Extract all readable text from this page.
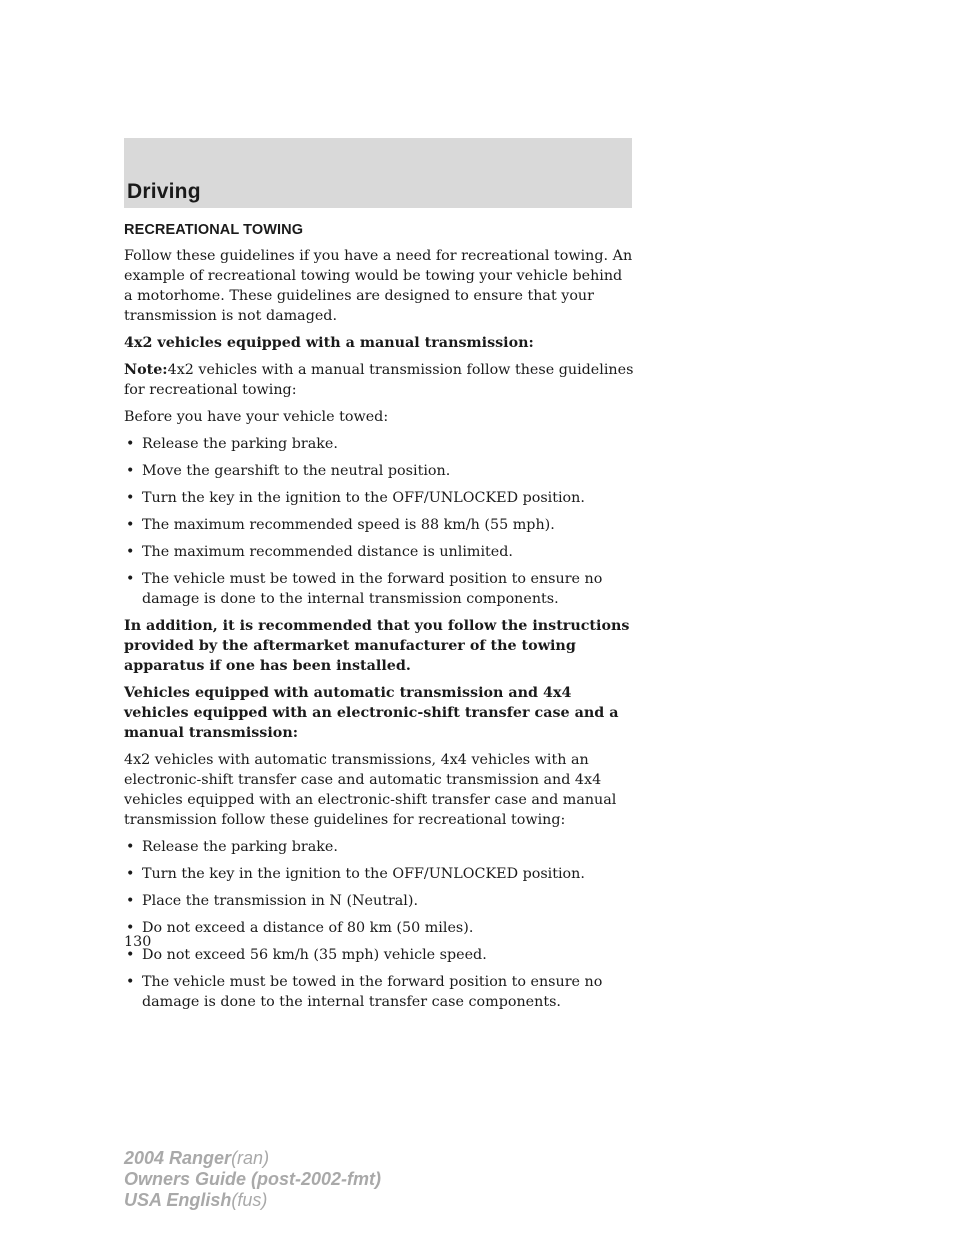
Driving
RECREATIONAL TOWING

Follow these guidelines if you have a need for recreational towing. An example of recreational towing would be towing your vehicle behind a motorhome. These guidelines are designed to ensure that your transmission is not damaged.

4x2 vehicles equipped with a manual transmission:

Note:4x2 vehicles with a manual transmission follow these guidelines for recreational towing:

Before you have your vehicle towed:

• Release the parking brake.
• Move the gearshift to the neutral position.
• Turn the key in the ignition to the OFF/UNLOCKED position.
• The maximum recommended speed is 88 km/h (55 mph).
• The maximum recommended distance is unlimited.
• The vehicle must be towed in the forward position to ensure no damage is done to the internal transmission components.

In addition, it is recommended that you follow the instructions provided by the aftermarket manufacturer of the towing apparatus if one has been installed.

Vehicles equipped with automatic transmission and 4x4 vehicles equipped with an electronic-shift transfer case and a manual transmission:

4x2 vehicles with automatic transmissions, 4x4 vehicles with an electronic-shift transfer case and automatic transmission and 4x4 vehicles equipped with an electronic-shift transfer case and manual transmission follow these guidelines for recreational towing:

• Release the parking brake.
• Turn the key in the ignition to the OFF/UNLOCKED position.
• Place the transmission in N (Neutral).
• Do not exceed a distance of 80 km (50 miles).
• Do not exceed 56 km/h (35 mph) vehicle speed.
• The vehicle must be towed in the forward position to ensure no damage is done to the internal transfer case components.
130
2004 Ranger(ran)
Owners Guide (post-2002-fmt)
USA English(fus)
